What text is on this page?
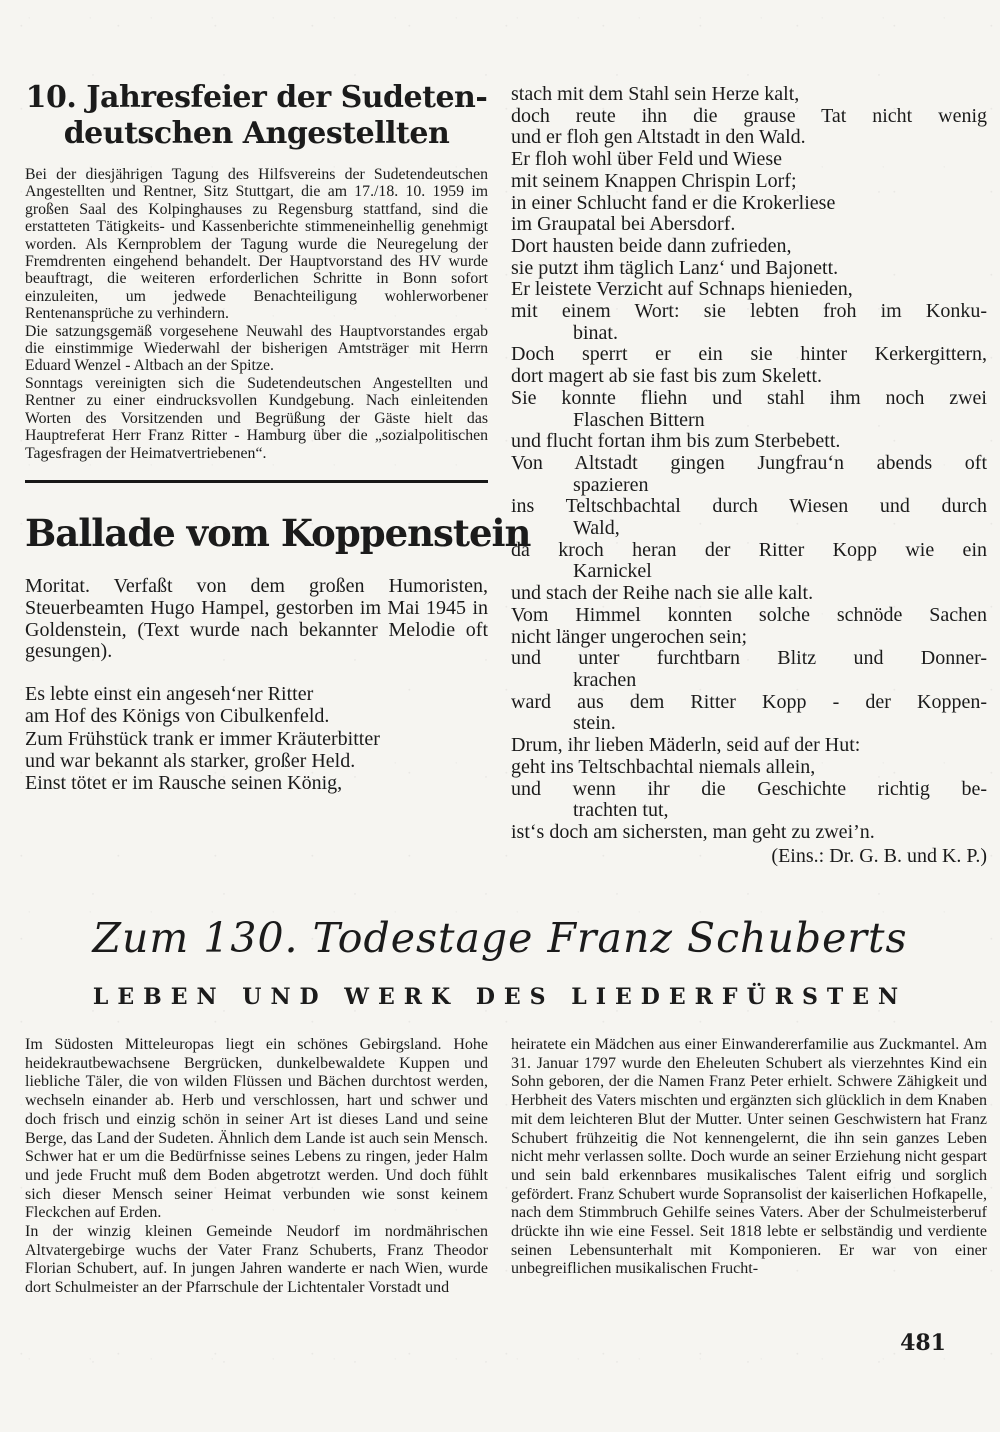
10. Jahresfeier der Sudeten-
deutschen Angestellten

Bei der diesjährigen Tagung des Hilfsvereins der Sudetendeutschen Angestellten und Rentner, Sitz Stuttgart, die am 17./18. 10. 1959 im großen Saal des Kolpinghauses zu Regensburg stattfand, sind die erstatteten Tätigkeits- und Kassenberichte stimmeneinhellig genehmigt worden. Als Kernproblem der Tagung wurde die Neuregelung der Fremdrenten eingehend behandelt. Der Hauptvorstand des HV wurde beauftragt, die weiteren erforderlichen Schritte in Bonn sofort einzuleiten, um jedwede Benachteiligung wohlerworbener Rentenansprüche zu verhindern.

Die satzungsgemäß vorgesehene Neuwahl des Hauptvorstandes ergab die einstimmige Wiederwahl der bisherigen Amtsträger mit Herrn Eduard Wenzel - Altbach an der Spitze.

Sonntags vereinigten sich die Sudetendeutschen Angestellten und Rentner zu einer eindrucksvollen Kundgebung. Nach einleitenden Worten des Vorsitzenden und Begrüßung der Gäste hielt das Hauptreferat Herr Franz Ritter - Hamburg über die „sozialpolitischen Tagesfragen der Heimatvertriebenen“.

Ballade vom Koppenstein

Moritat. Verfaßt von dem großen Humoristen, Steuerbeamten Hugo Hampel, gestorben im Mai 1945 in Goldenstein, (Text wurde nach bekannter Melodie oft gesungen).

Es lebte einst ein angeseh‘ner Ritter
am Hof des Königs von Cibulkenfeld.
Zum Frühstück trank er immer Kräuterbitter
und war bekannt als starker, großer Held.
Einst tötet er im Rausche seinen König,
stach mit dem Stahl sein Herze kalt,
doch reute ihn die grause Tat nicht wenig
und er floh gen Altstadt in den Wald.
Er floh wohl über Feld und Wiese
mit seinem Knappen Chrispin Lorf;
in einer Schlucht fand er die Krokerliese
im Graupatal bei Abersdorf.
Dort hausten beide dann zufrieden,
sie putzt ihm täglich Lanz‘ und Bajonett.
Er leistete Verzicht auf Schnaps hienieden,
mit einem Wort: sie lebten froh im Konku-
binat.
Doch sperrt er ein sie hinter Kerkergittern,
dort magert ab sie fast bis zum Skelett.
Sie konnte fliehn und stahl ihm noch zwei
Flaschen Bittern
und flucht fortan ihm bis zum Sterbebett.
Von Altstadt gingen Jungfrau‘n abends oft
spazieren
ins Teltschbachtal durch Wiesen und durch
Wald,
da kroch heran der Ritter Kopp wie ein
Karnickel
und stach der Reihe nach sie alle kalt.
Vom Himmel konnten solche schnöde Sachen
nicht länger ungerochen sein;
und unter furchtbarn Blitz und Donner-
krachen
ward aus dem Ritter Kopp - der Koppen-
stein.
Drum, ihr lieben Mäderln, seid auf der Hut:
geht ins Teltschbachtal niemals allein,
und wenn ihr die Geschichte richtig be-
trachten tut,
ist‘s doch am sichersten, man geht zu zwei’n.
(Eins.: Dr. G. B. und K. P.)
Zum 130. Todestage Franz Schuberts
LEBEN UND WERK DES LIEDERFÜRSTEN

Im Südosten Mitteleuropas liegt ein schönes Gebirgsland. Hohe heidekrautbewachsene Bergrücken, dunkelbewaldete Kuppen und liebliche Täler, die von wilden Flüssen und Bächen durchtost werden, wechseln einander ab. Herb und verschlossen, hart und schwer und doch frisch und einzig schön in seiner Art ist dieses Land und seine Berge, das Land der Sudeten. Ähnlich dem Lande ist auch sein Mensch. Schwer hat er um die Bedürfnisse seines Lebens zu ringen, jeder Halm und jede Frucht muß dem Boden abgetrotzt werden. Und doch fühlt sich dieser Mensch seiner Heimat verbunden wie sonst keinem Fleckchen auf Erden.

In der winzig kleinen Gemeinde Neudorf im nordmährischen Altvatergebirge wuchs der Vater Franz Schuberts, Franz Theodor Florian Schubert, auf. In jungen Jahren wanderte er nach Wien, wurde dort Schulmeister an der Pfarrschule der Lichtentaler Vorstadt und

heiratete ein Mädchen aus einer Einwandererfamilie aus Zuckmantel. Am 31. Januar 1797 wurde den Eheleuten Schubert als vierzehntes Kind ein Sohn geboren, der die Namen Franz Peter erhielt. Schwere Zähigkeit und Herbheit des Vaters mischten und ergänzten sich glücklich in dem Knaben mit dem leichteren Blut der Mutter. Unter seinen Geschwistern hat Franz Schubert frühzeitig die Not kennengelernt, die ihn sein ganzes Leben nicht mehr verlassen sollte. Doch wurde an seiner Erziehung nicht gespart und sein bald erkennbares musikalisches Talent eifrig und sorglich gefördert. Franz Schubert wurde Sopransolist der kaiserlichen Hofkapelle, nach dem Stimmbruch Gehilfe seines Vaters. Aber der Schulmeisterberuf drückte ihn wie eine Fessel. Seit 1818 lebte er selbständig und verdiente seinen Lebensunterhalt mit Komponieren. Er war von einer unbegreiflichen musikalischen Frucht-

481
